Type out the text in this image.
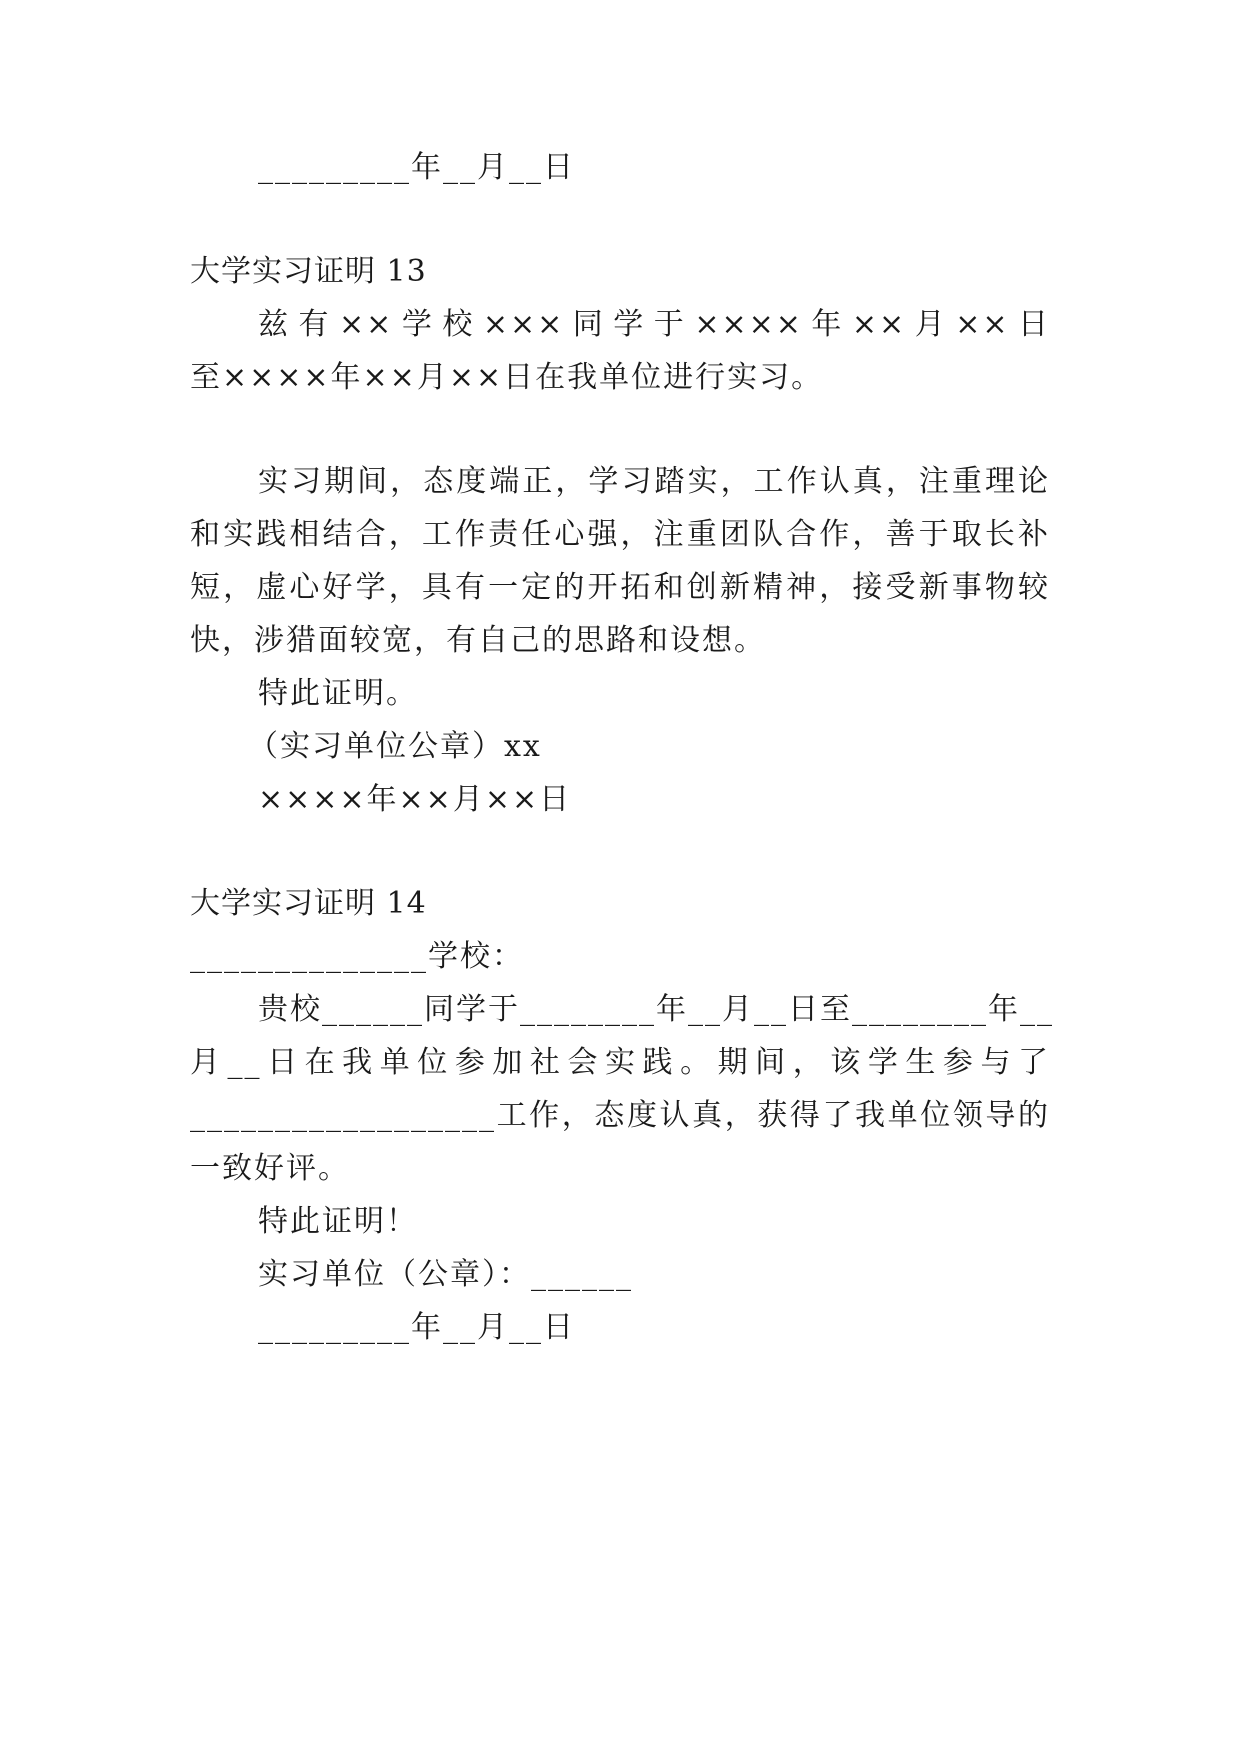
_________年__月__日
大学实习证明 13
兹有××学校×××同学于××××年××月××日
至××××年××月××日在我单位进行实习。
实习期间，态度端正，学习踏实，工作认真，注重理论
和实践相结合，工作责任心强，注重团队合作，善于取长补
短，虚心好学，具有一定的开拓和创新精神，接受新事物较
快，涉猎面较宽，有自己的思路和设想。
特此证明。
（实习单位公章）xx
××××年××月××日
大学实习证明 14
______________学校：
贵校______同学于________年__月__日至________年__
月__日在我单位参加社会实践。期间，该学生参与了
__________________工作，态度认真，获得了我单位领导的
一致好评。
特此证明！
实习单位（公章）：______
_________年__月__日
